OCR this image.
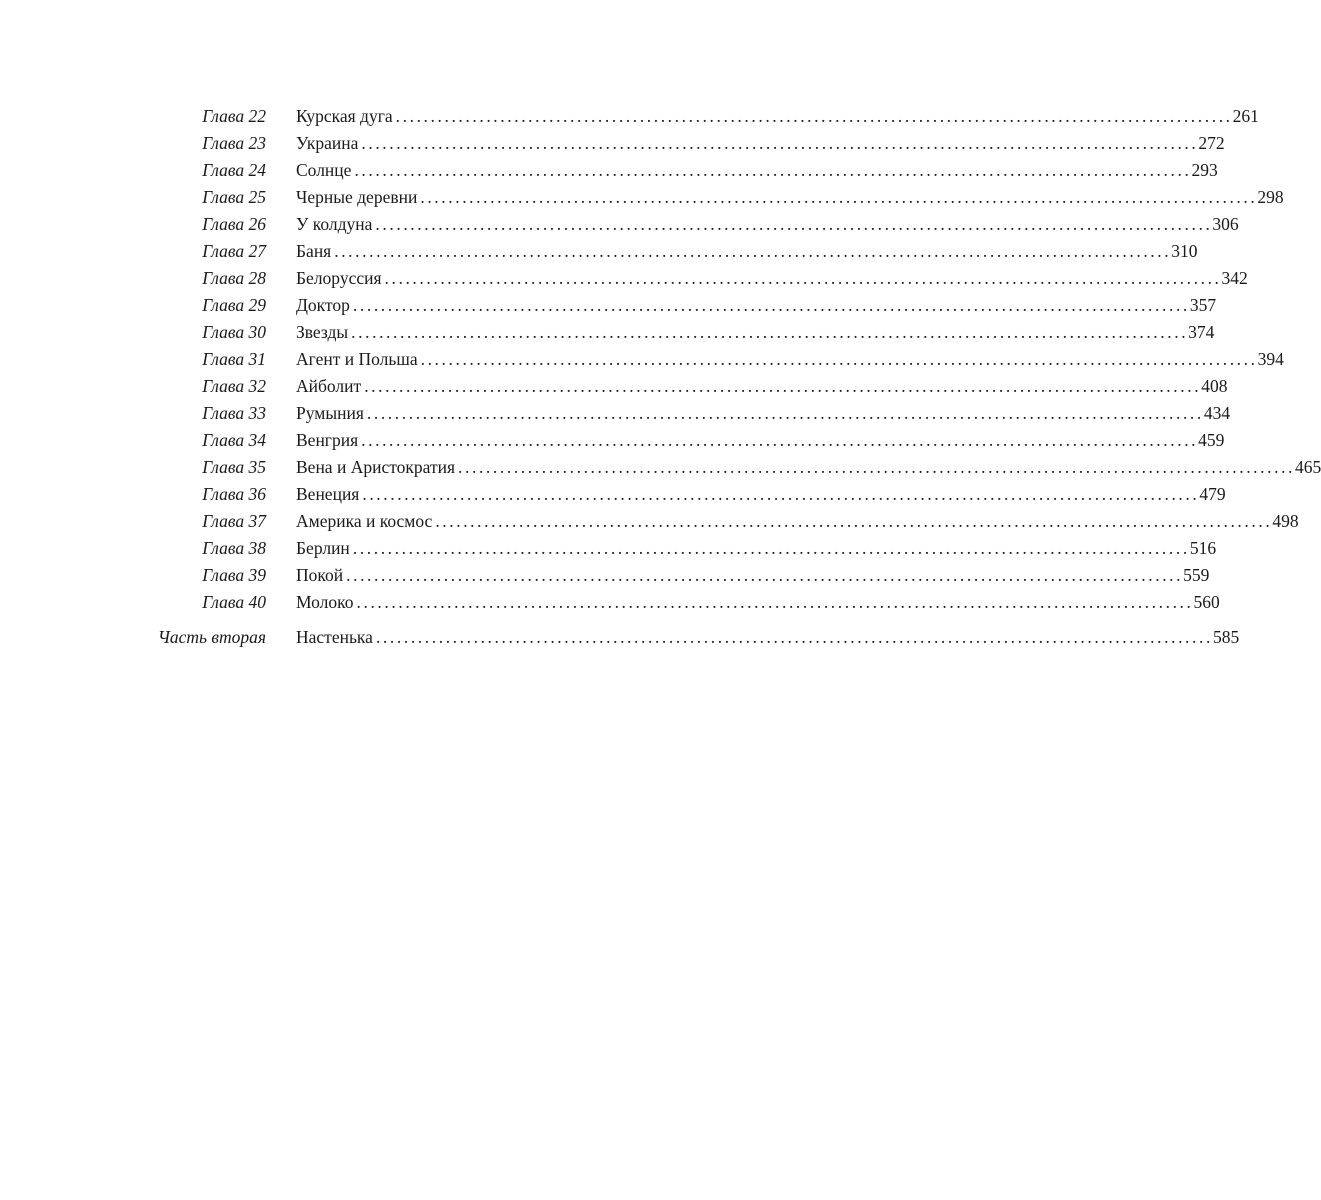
Глава 22 Курская дуга ........................................................................................................................ 261
Глава 23 Украина ........................................................................................................................ 272
Глава 24 Солнце ........................................................................................................................ 293
Глава 25 Черные деревни ........................................................................................................................ 298
Глава 26 У колдуна ........................................................................................................................ 306
Глава 27 Баня ........................................................................................................................ 310
Глава 28 Белоруссия ........................................................................................................................ 342
Глава 29 Доктор ........................................................................................................................ 357
Глава 30 Звезды ........................................................................................................................ 374
Глава 31 Агент и Польша ........................................................................................................................ 394
Глава 32 Айболит ........................................................................................................................ 408
Глава 33 Румыния ........................................................................................................................ 434
Глава 34 Венгрия ........................................................................................................................ 459
Глава 35 Вена и Аристократия ........................................................................................................................ 465
Глава 36 Венеция ........................................................................................................................ 479
Глава 37 Америка и космос ........................................................................................................................ 498
Глава 38 Берлин ........................................................................................................................ 516
Глава 39 Покой ........................................................................................................................ 559
Глава 40 Молоко ........................................................................................................................ 560
Часть вторая Настенька ........................................................................................................................ 585
